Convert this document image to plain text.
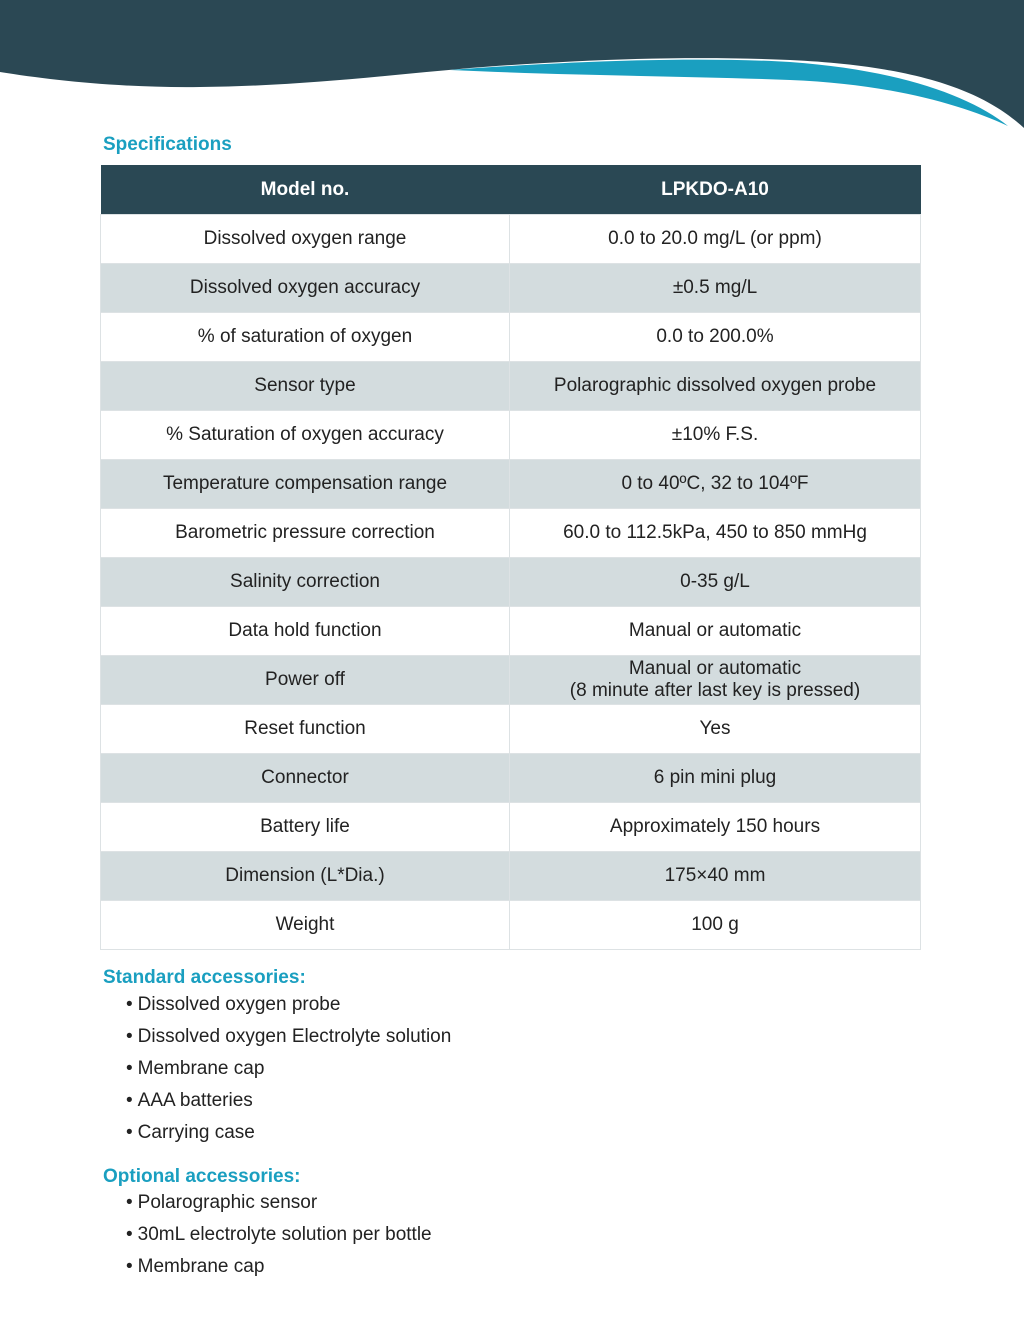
Specifications
Model no.	LPKDO-A10
Dissolved oxygen range	0.0 to 20.0 mg/L (or ppm)
Dissolved oxygen accuracy	±0.5 mg/L
% of saturation of oxygen	0.0 to 200.0%
Sensor type	Polarographic dissolved oxygen probe
% Saturation of oxygen accuracy	±10% F.S.
Temperature compensation range	0 to 40ºC, 32 to 104ºF
Barometric pressure correction	60.0 to 112.5kPa, 450 to 850 mmHg
Salinity correction	0-35 g/L
Data hold function	Manual or automatic
Power off	Manual or automatic
(8 minute after last key is pressed)
Reset function	Yes
Connector	6 pin mini plug
Battery life	Approximately 150 hours
Dimension (L*Dia.)	175×40 mm
Weight	100 g
Standard accessories:
• Dissolved oxygen probe
• Dissolved oxygen Electrolyte solution
• Membrane cap
• AAA batteries
• Carrying case
Optional accessories:
• Polarographic sensor
• 30mL electrolyte solution per bottle
• Membrane cap
